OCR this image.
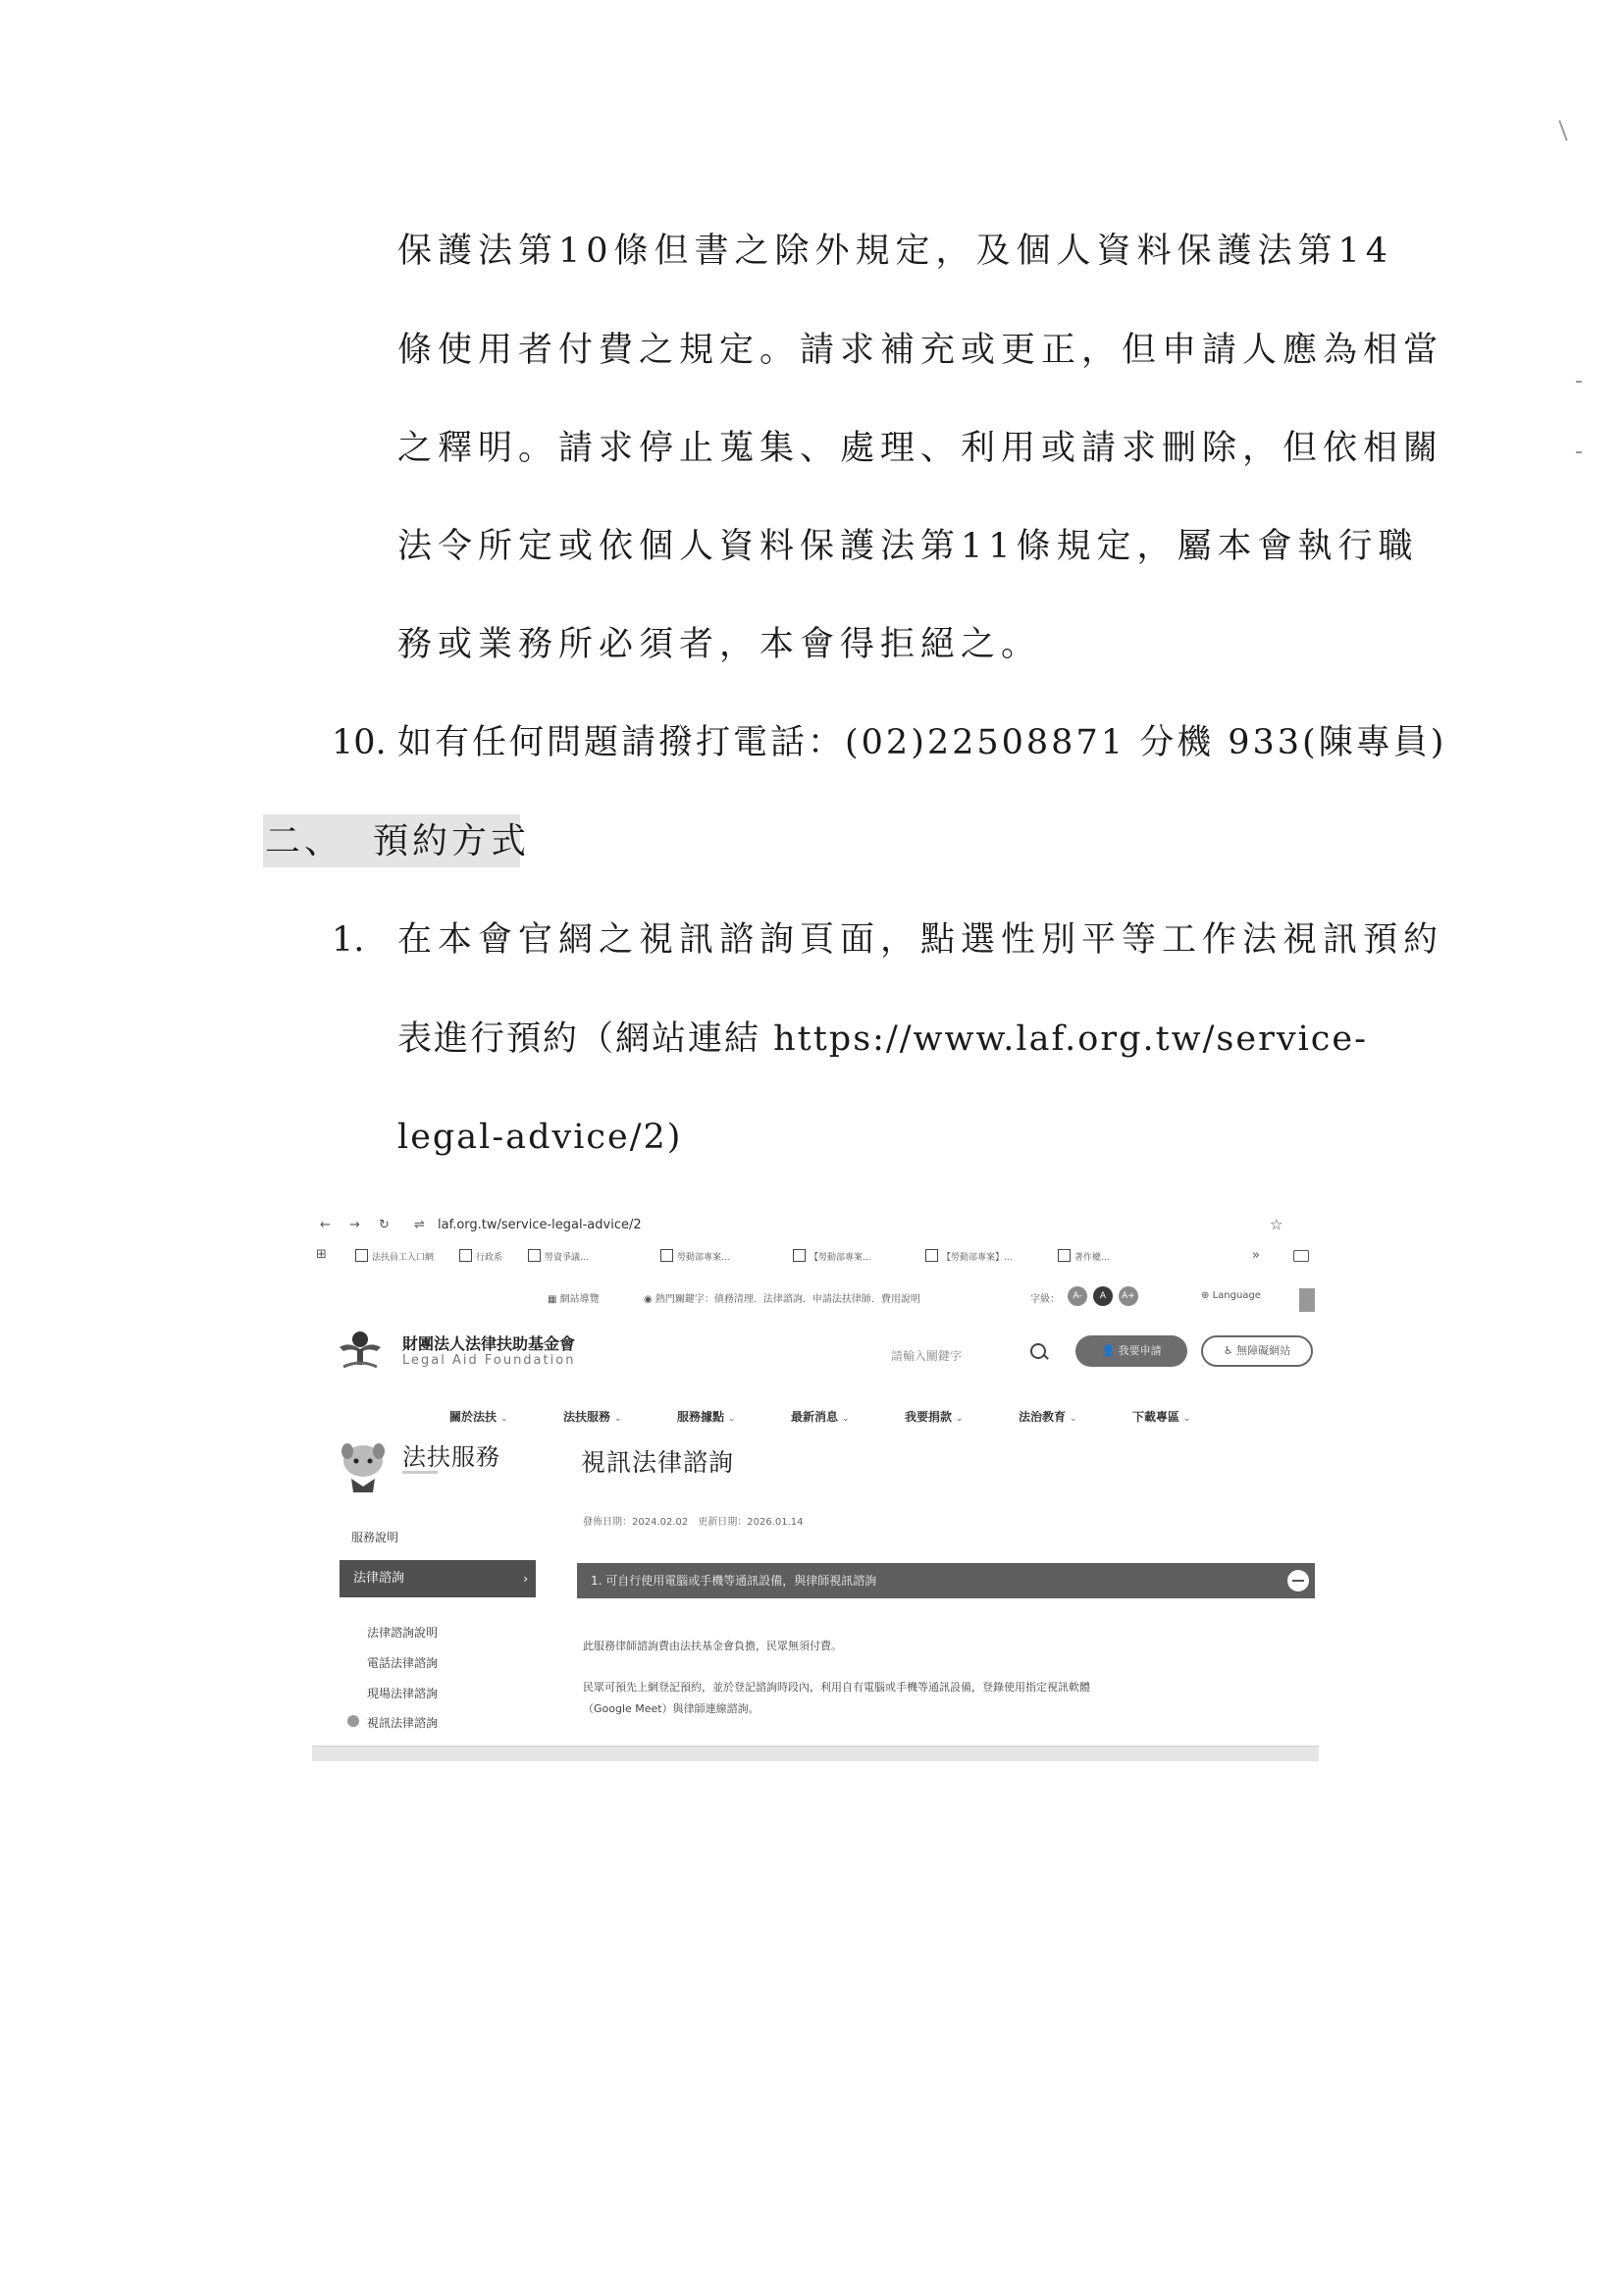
保護法第10條但書之除外規定，及個人資料保護法第14
條使用者付費之規定。請求補充或更正，但申請人應為相當
之釋明。請求停止蒐集、處理、利用或請求刪除，但依相關
法令所定或依個人資料保護法第11條規定，屬本會執行職
務或業務所必須者，本會得拒絕之。
10. 如有任何問題請撥打電話：(02)22508871 分機 933(陳專員)
二、 預約方式
1. 在本會官網之視訊諮詢頁面，點選性別平等工作法視訊預約
表進行預約（網站連結 https://www.laf.org.tw/service-
legal-advice/2)
← → ↻ ⇌ laf.org.tw/service-legal-advice/2	☆
⊞	法扶員工入口網	行政系	勞資爭議...	勞動部專案...	【勞動部專案...	【勞動部專案】...	著作權...	»
▦ 網站導覽	◉ 熱門關鍵字：債務清理．法律諮詢．申請法扶律師．費用說明	字級：	A-	A	A+	⊕ Language
財團法人法律扶助基金會
Legal Aid Foundation	請輸入關鍵字	👤 我要申請	♿ 無障礙網站
關於法扶 ⌄	法扶服務 ⌄	服務據點 ⌄	最新消息 ⌄	我要捐款 ⌄	法治教育 ⌄	下載專區 ⌄
法扶服務	視訊法律諮詢
發佈日期：2024.02.02　更新日期：2026.01.14
服務說明
法律諮詢	›
法律諮詢說明
電話法律諮詢
現場法律諮詢
視訊法律諮詢
1. 可自行使用電腦或手機等通訊設備，與律師視訊諮詢
此服務律師諮詢費由法扶基金會負擔，民眾無須付費。
民眾可預先上網登記預約，並於登記諮詢時段內，利用自有電腦或手機等通訊設備，登錄使用指定視訊軟體
（Google Meet）與律師連線諮詢。
